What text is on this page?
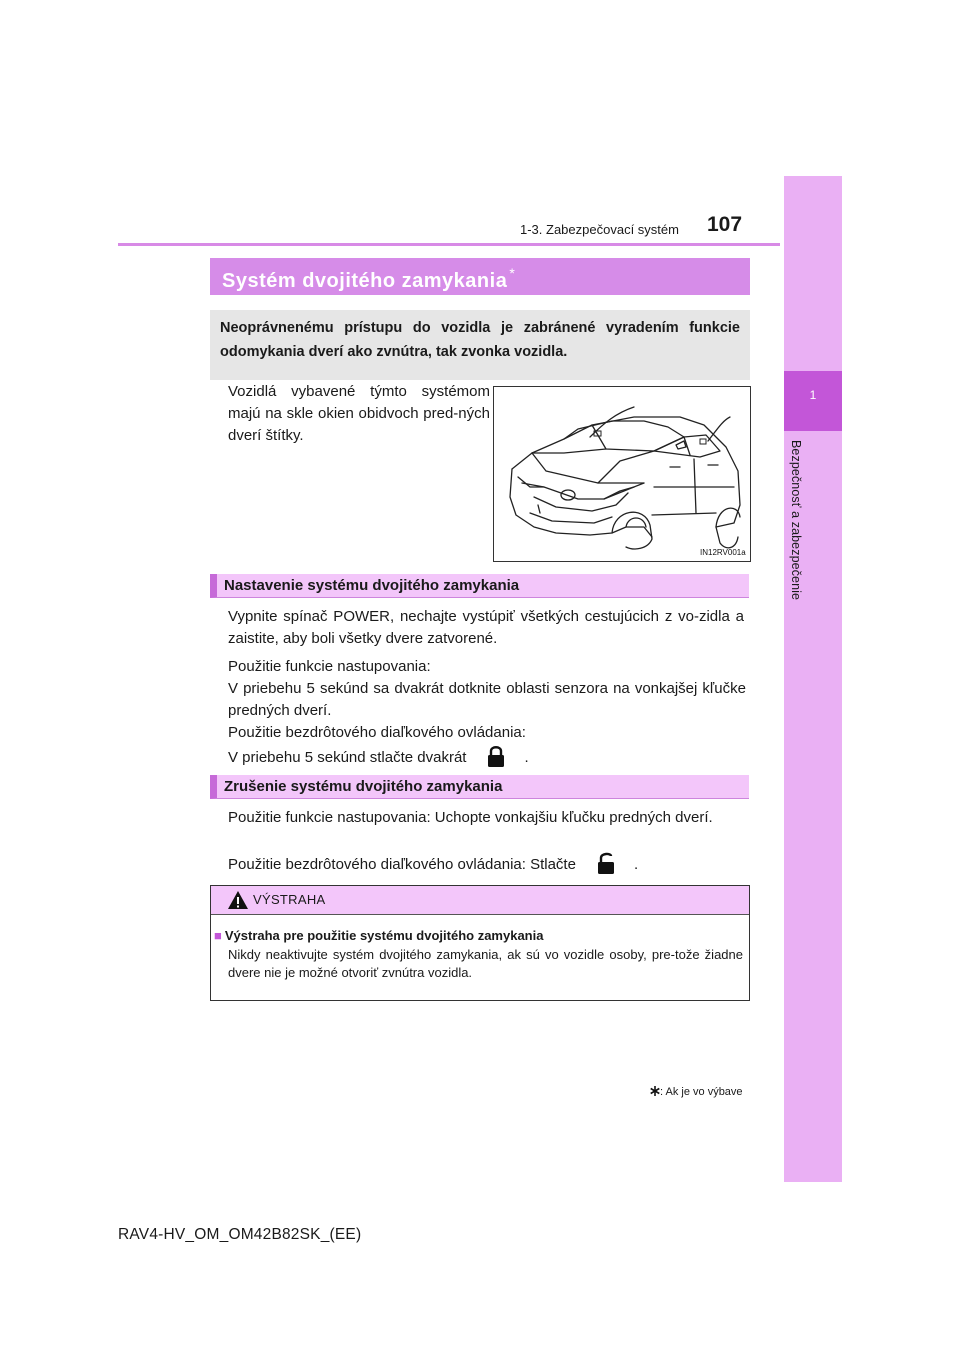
1
Bezpečnosť a zabezpečenie
1-3. Zabezpečovací systém 107
Systém dvojitého zamykania *
Neoprávnenému prístupu do vozidla je zabránené vyradením funkcie odomykania dverí ako zvnútra, tak zvonka vozidla.
Vozidlá vybavené týmto systémom majú na skle okien obidvoch pred-ných dverí štítky.
IN12RV001a
Nastavenie systému dvojitého zamykania
Vypnite spínač POWER, nechajte vystúpiť všetkých cestujúcich z vo-zidla a zaistite, aby boli všetky dvere zatvorené.
Použitie funkcie nastupovania:
V priebehu 5 sekúnd sa dvakrát dotknite oblasti senzora na vonkajšej kľučke predných dverí.
Použitie bezdrôtového diaľkového ovládania:
V priebehu 5 sekúnd stlačte dvakrát	.
Zrušenie systému dvojitého zamykania
Použitie funkcie nastupovania: Uchopte vonkajšiu kľučku predných dverí.
Použitie bezdrôtového diaľkového ovládania: Stlačte	.
VÝSTRAHA
■ Výstraha pre použitie systému dvojitého zamykania
Nikdy neaktivujte systém dvojitého zamykania, ak sú vo vozidle osoby, pre-tože žiadne dvere nie je možné otvoriť zvnútra vozidla.
: Ak je vo výbave
RAV4-HV_OM_OM42B82SK_(EE)
